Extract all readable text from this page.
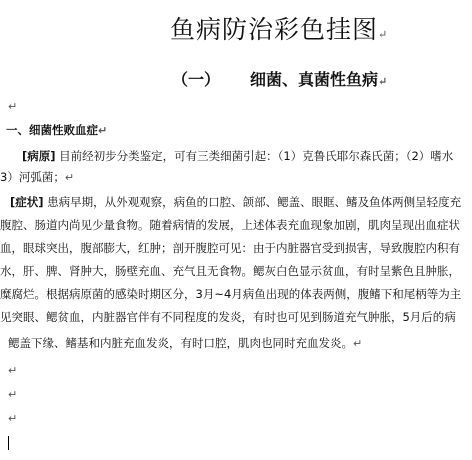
鱼病防治彩色挂图↵
（一） 细菌、真菌性鱼病↵
↵
一、细菌性败血症↵
[病原] 目前经初步分类鉴定，可有三类细菌引起：（1）克鲁氏耶尔森氏菌；（2）嗜水
3）河弧菌；↵
[症状] 患病早期，从外观观察，病鱼的口腔、颌部、鳃盖、眼眶、鳍及鱼体两侧呈轻度充
腹腔、肠道内尚见少量食物。随着病情的发展，上述体表充血现象加剧，肌肉呈现出血症状
血，眼球突出，腹部膨大，红肿；剖开腹腔可见：由于内脏器官受到损害，导致腹腔内积有
水，肝、脾、肾肿大，肠壁充血、充气且无食物。鳃灰白色显示贫血，有时呈紫色且肿胀，
糜腐烂。根据病原菌的感染时期区分，3月~4月病鱼出现的体表两侧，腹鳍下和尾柄等为主
见突眼、鳃贫血，内脏器官伴有不同程度的发炎，有时也可见到肠道充气肿胀，5月后的病
鳃盖下缘、鳍基和内脏充血发炎，有时口腔，肌肉也同时充血发炎。↵
↵
↵
↵
